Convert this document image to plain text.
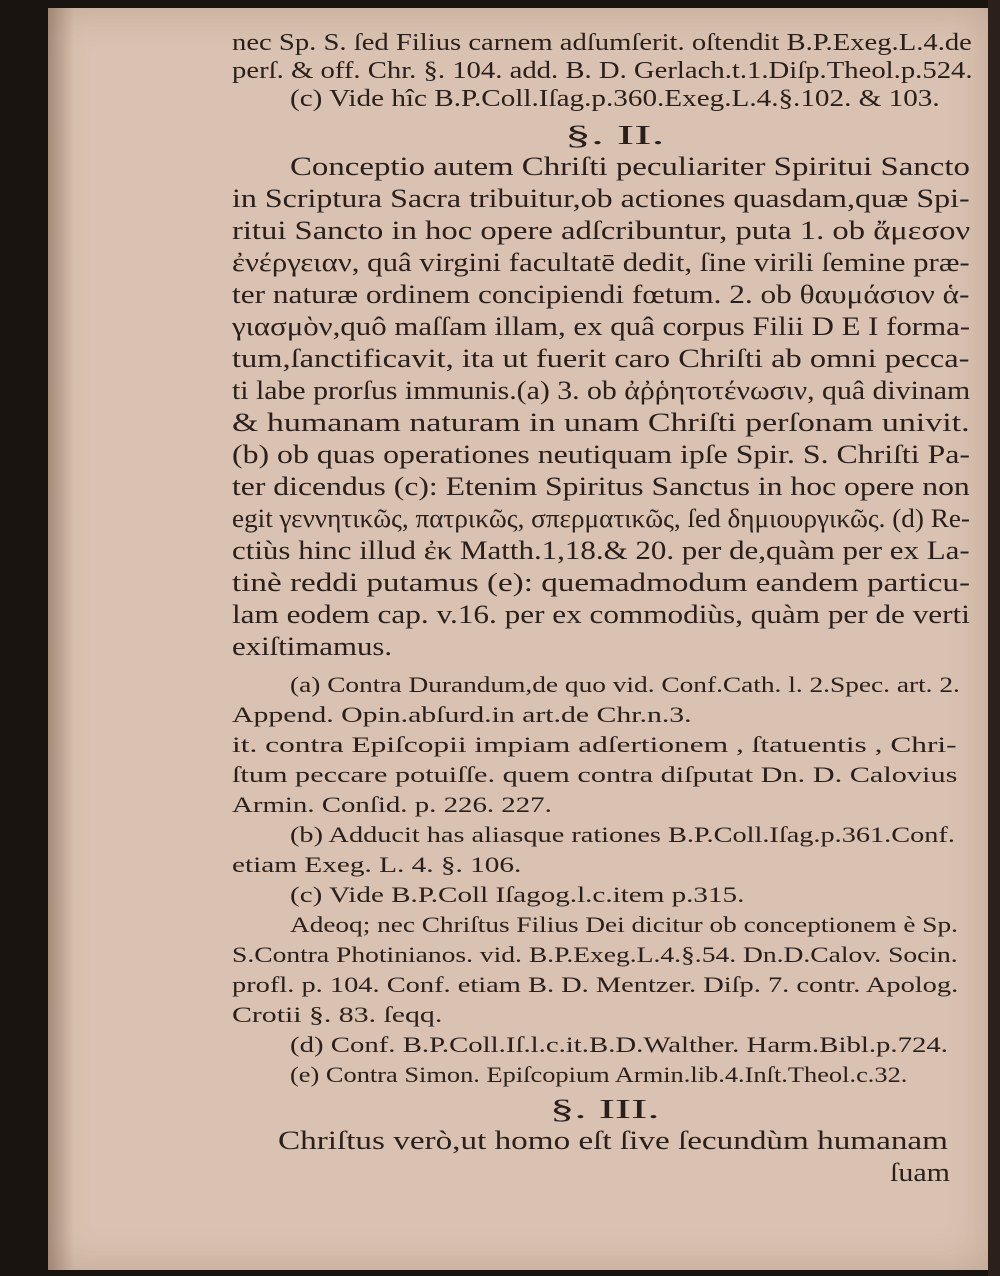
nec Sp. S. ſed Filius carnem adſumſerit. oſtendit B.P.Exeg.L.4.de
perſ. & off. Chr. §. 104. add. B. D. Gerlach.t.1.Diſp.Theol.p.524.
(c) Vide hîc B.P.Coll.Iſag.p.360.Exeg.L.4.§.102. & 103.
§. II.
Conceptio autem Chriſti peculiariter Spiritui Sancto
in Scriptura Sacra tribuitur,ob actiones quasdam,quæ Spi-
ritui Sancto in hoc opere adſcribuntur, puta 1. ob ἄμεσον
ἐνέργειαν, quâ virgini facultatē dedit, ſine virili ſemine præ-
ter naturæ ordinem concipiendi fœtum. 2. ob θαυμάσιον ἁ-
γιασμὸν,quô maſſam illam, ex quâ corpus Filii D E I forma-
tum,ſanctificavit, ita ut fuerit caro Chriſti ab omni pecca-
ti labe prorſus immunis.(a) 3. ob ἀῤῥητοτένωσιν, quâ divinam
& humanam naturam in unam Chriſti perſonam univit.
(b) ob quas operationes neutiquam ipſe Spir. S. Chriſti Pa-
ter dicendus (c): Etenim Spiritus Sanctus in hoc opere non
egit γεννητικῶς, πατρικῶς, σπερματικῶς, ſed δημιουργικῶς. (d) Re-
ctiùs hinc illud ἐκ Matth.1,18.& 20. per de,quàm per ex La-
tinè reddi putamus (e): quemadmodum eandem particu-
lam eodem cap. v.16. per ex commodiùs, quàm per de verti
exiſtimamus.
(a) Contra Durandum,de quo vid. Conf.Cath. l. 2.Spec. art. 2.
Append. Opin.abſurd.in art.de Chr.n.3.
it. contra Epiſcopii impiam adſertionem , ſtatuentis , Chri-
ſtum peccare potuiſſe. quem contra diſputat Dn. D. Calovius
Armin. Conſid. p. 226. 227.
(b) Adducit has aliasque rationes B.P.Coll.Iſag.p.361.Conf.
etiam Exeg. L. 4. §. 106.
(c) Vide B.P.Coll Iſagog.l.c.item p.315.
Adeoq; nec Chriſtus Filius Dei dicitur ob conceptionem è Sp.
S.Contra Photinianos. vid. B.P.Exeg.L.4.§.54. Dn.D.Calov. Socin.
profl. p. 104. Conf. etiam B. D. Mentzer. Diſp. 7. contr. Apolog.
Crotii §. 83. ſeqq.
(d) Conf. B.P.Coll.Iſ.l.c.it.B.D.Walther. Harm.Bibl.p.724.
(e) Contra Simon. Epiſcopium Armin.lib.4.Inſt.Theol.c.32.
§. III.
Chriſtus verò,ut homo eſt ſive ſecundùm humanam
ſuam
